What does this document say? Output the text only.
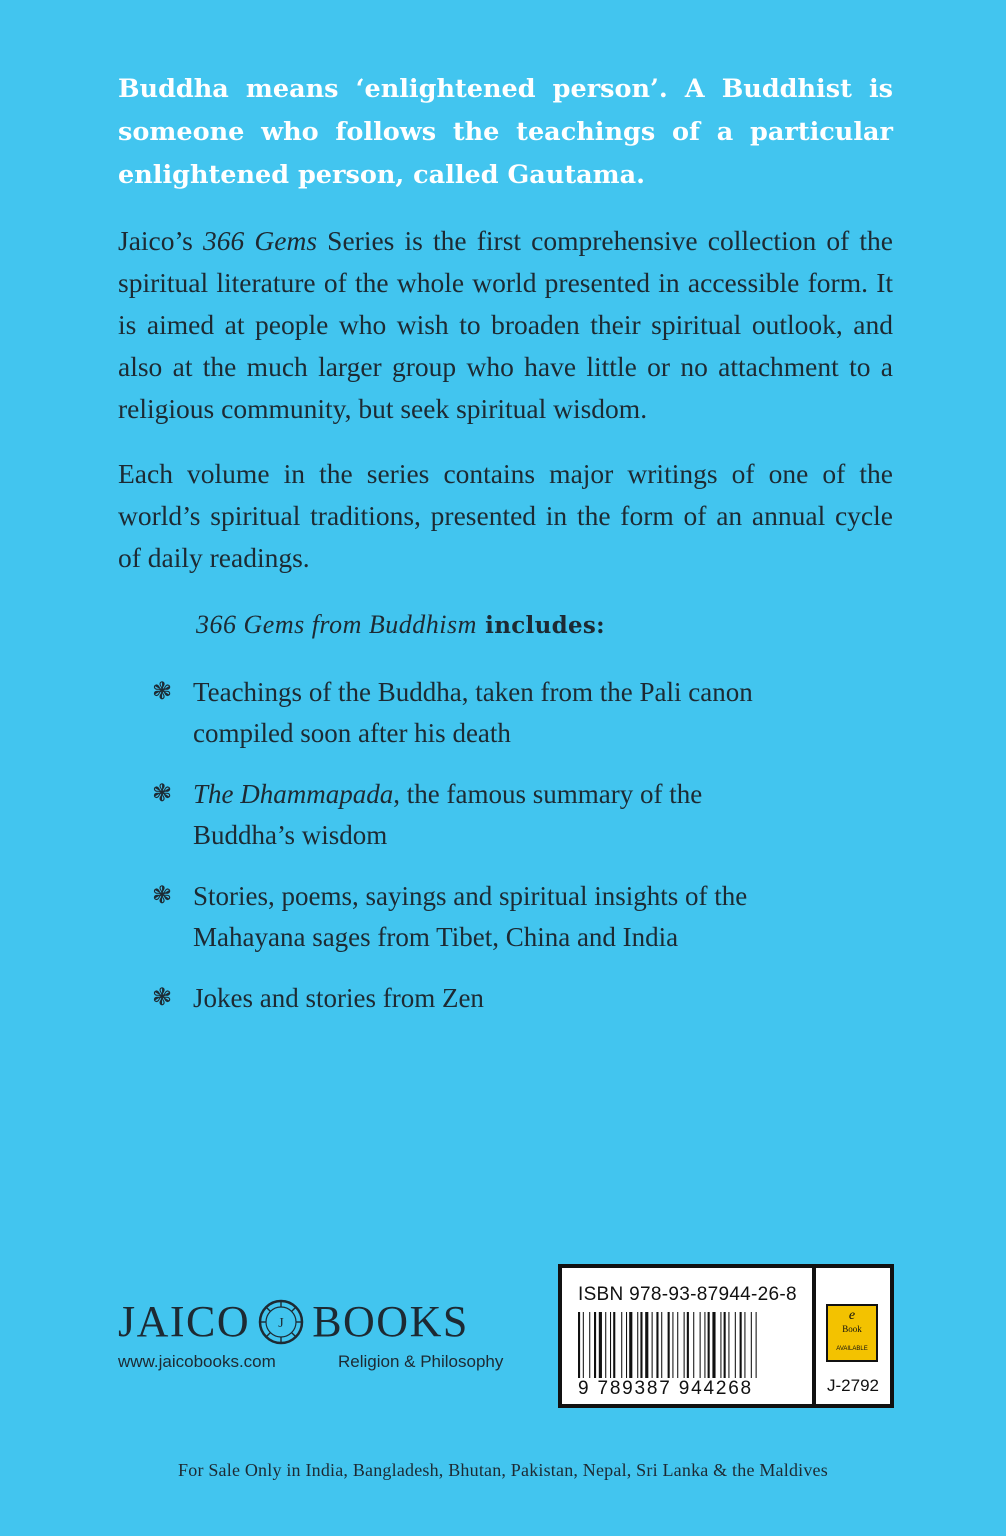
Buddha means ‘enlightened person’. A Buddhist is someone who follows the teachings of a particular enlightened person, called Gautama.

Jaico’s 366 Gems Series is the first comprehensive collection of the spiritual literature of the whole world presented in accessible form. It is aimed at people who wish to broaden their spiritual outlook, and also at the much larger group who have little or no attachment to a religious community, but seek spiritual wisdom.

Each volume in the series contains major writings of one of the world’s spiritual traditions, presented in the form of an annual cycle of daily readings.

366 Gems from Buddhism includes:

❃ Teachings of the Buddha, taken from the Pali canon compiled soon after his death
❃ The Dhammapada, the famous summary of the Buddha’s wisdom
❃ Stories, poems, sayings and spiritual insights of the Mahayana sages from Tibet, China and India
❃ Jokes and stories from Zen
JAICO J BOOKS
www.jaicobooks.com	Religion & Philosophy
ISBN 978-93-87944-26-8
9 789387 944268
e
Book
AVAILABLE
J-2792
For Sale Only in India, Bangladesh, Bhutan, Pakistan, Nepal, Sri Lanka & the Maldives
